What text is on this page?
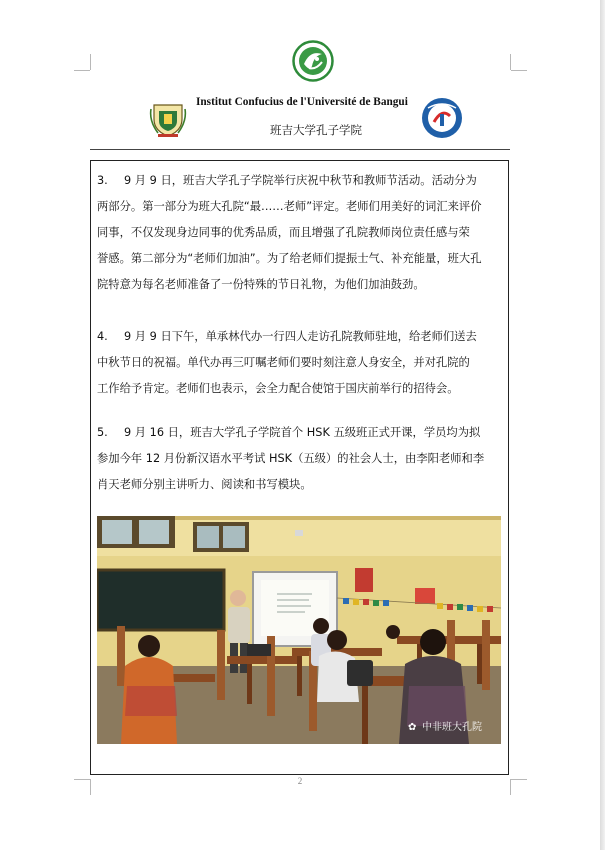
Institut Confucius de l'Université de Bangui
班吉大学孔子学院

3. 9 月 9 日，班吉大学孔子学院举行庆祝中秋节和教师节活动。活动分为
两部分。第一部分为班大孔院“最……老师”评定。老师们用美好的词汇来评价
同事，不仅发现身边同事的优秀品质，而且增强了孔院教师岗位责任感与荣
誉感。第二部分为“老师们加油”。为了给老师们提振士气、补充能量，班大孔
院特意为每名老师准备了一份特殊的节日礼物，为他们加油鼓劲。

4. 9 月 9 日下午，单承林代办一行四人走访孔院教师驻地，给老师们送去
中秋节日的祝福。单代办再三叮嘱老师们要时刻注意人身安全，并对孔院的
工作给予肯定。老师们也表示，会全力配合使馆于国庆前举行的招待会。

5. 9 月 16 日，班吉大学孔子学院首个 HSK 五级班正式开课，学员均为拟
参加今年 12 月份新汉语水平考试 HSK（五级）的社会人士，由李阳老师和李
肖天老师分别主讲听力、阅读和书写模块。

✿ 中非班大孔院
2
